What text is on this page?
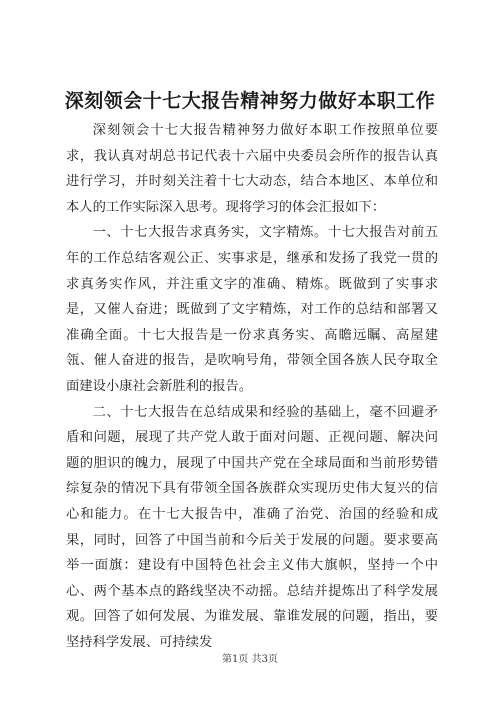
深刻领会十七大报告精神努力做好本职工作

深刻领会十七大报告精神努力做好本职工作按照单位要求，我认真对胡总书记代表十六届中央委员会所作的报告认真进行学习，并时刻关注着十七大动态，结合本地区、本单位和本人的工作实际深入思考。现将学习的体会汇报如下：

一、十七大报告求真务实，文字精炼。十七大报告对前五年的工作总结客观公正、实事求是，继承和发扬了我党一贯的求真务实作风，并注重文字的准确、精炼。既做到了实事求是，又催人奋进；既做到了文字精炼，对工作的总结和部署又准确全面。十七大报告是一份求真务实、高瞻远瞩、高屋建瓴、催人奋进的报告，是吹响号角，带领全国各族人民夺取全面建设小康社会新胜利的报告。

二、十七大报告在总结成果和经验的基础上，毫不回避矛盾和问题，展现了共产党人敢于面对问题、正视问题、解决问题的胆识的魄力，展现了中国共产党在全球局面和当前形势错综复杂的情况下具有带领全国各族群众实现历史伟大复兴的信心和能力。在十七大报告中，准确了治党、治国的经验和成果，同时，回答了中国当前和今后关于发展的问题。要求要高举一面旗：建设有中国特色社会主义伟大旗帜，坚持一个中心、两个基本点的路线坚决不动摇。总结并提炼出了科学发展观。回答了如何发展、为谁发展、靠谁发展的问题，指出，要坚持科学发展、可持续发

第1页 共3页
